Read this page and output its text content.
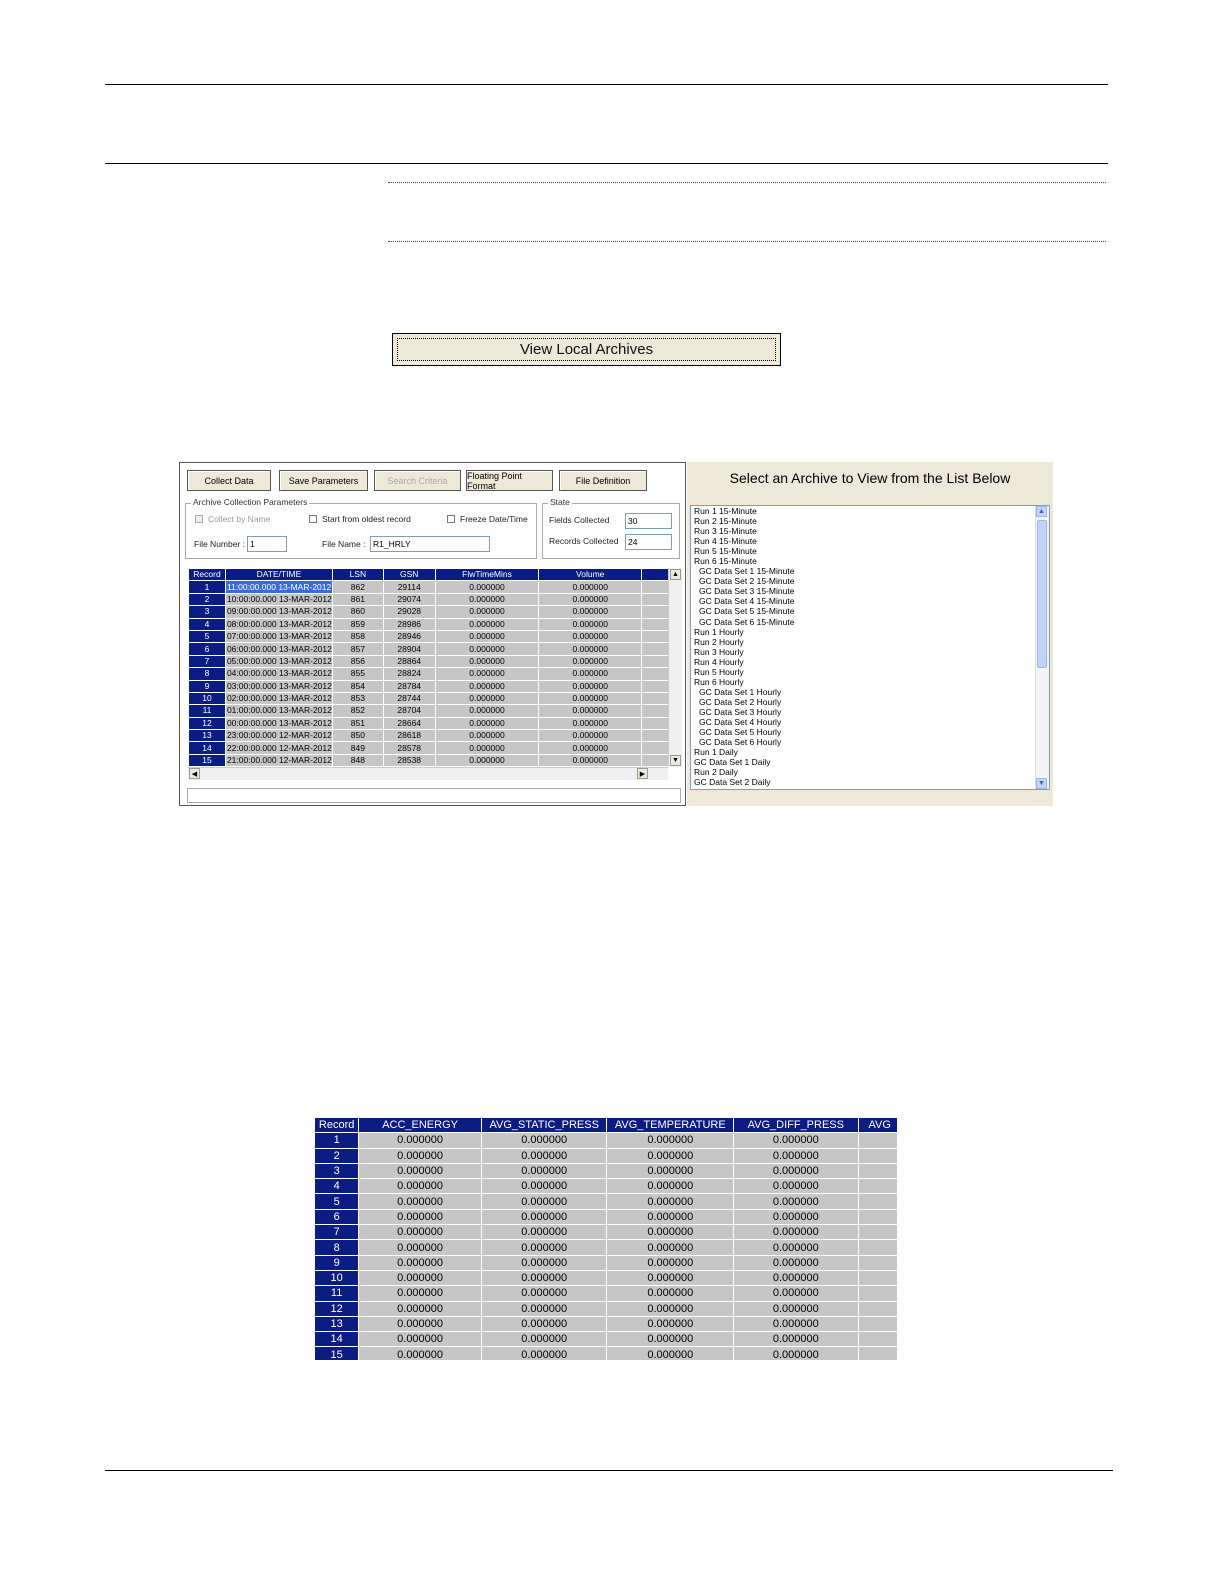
View Local Archives
Collect Data	Save Parameters	Search Criteria	Floating Point Format	File Definition
Archive Collection Parameters
Collect by Name	Start from oldest record	Freeze Date/Time
File Number : 1	File Name : R1_HRLY
State
Fields Collected	30
Records Collected	24
Record	DATE/TIME	LSN	GSN	FlwTimeMins	Volume	
1	11:00:00.000 13-MAR-2012	862	29114	0.000000	0.000000	
2	10:00:00.000 13-MAR-2012	861	29074	0.000000	0.000000	
3	09:00:00.000 13-MAR-2012	860	29028	0.000000	0.000000	
4	08:00:00.000 13-MAR-2012	859	28986	0.000000	0.000000	
5	07:00:00.000 13-MAR-2012	858	28946	0.000000	0.000000	
6	06:00:00.000 13-MAR-2012	857	28904	0.000000	0.000000	
7	05:00:00.000 13-MAR-2012	856	28864	0.000000	0.000000	
8	04:00:00.000 13-MAR-2012	855	28824	0.000000	0.000000	
9	03:00:00.000 13-MAR-2012	854	28784	0.000000	0.000000	
10	02:00:00.000 13-MAR-2012	853	28744	0.000000	0.000000	
11	01:00:00.000 13-MAR-2012	852	28704	0.000000	0.000000	
12	00:00:00.000 13-MAR-2012	851	28664	0.000000	0.000000	
13	23:00:00.000 12-MAR-2012	850	28618	0.000000	0.000000	
14	22:00:00.000 12-MAR-2012	849	28578	0.000000	0.000000	
15	21:00:00.000 12-MAR-2012	848	28538	0.000000	0.000000	
▲
▼
◀	▶
Select an Archive to View from the List Below
Run 1 15-Minute
Run 2 15-Minute
Run 3 15-Minute
Run 4 15-Minute
Run 5 15-Minute
Run 6 15-Minute
GC Data Set 1 15-Minute
GC Data Set 2 15-Minute
GC Data Set 3 15-Minute
GC Data Set 4 15-Minute
GC Data Set 5 15-Minute
GC Data Set 6 15-Minute
Run 1 Hourly
Run 2 Hourly
Run 3 Hourly
Run 4 Hourly
Run 5 Hourly
Run 6 Hourly
GC Data Set 1 Hourly
GC Data Set 2 Hourly
GC Data Set 3 Hourly
GC Data Set 4 Hourly
GC Data Set 5 Hourly
GC Data Set 6 Hourly
Run 1 Daily
GC Data Set 1 Daily
Run 2 Daily
GC Data Set 2 Daily
▲
▼
Record	ACC_ENERGY	AVG_STATIC_PRESS	AVG_TEMPERATURE	AVG_DIFF_PRESS	AVG
1	0.000000	0.000000	0.000000	0.000000	
2	0.000000	0.000000	0.000000	0.000000	
3	0.000000	0.000000	0.000000	0.000000	
4	0.000000	0.000000	0.000000	0.000000	
5	0.000000	0.000000	0.000000	0.000000	
6	0.000000	0.000000	0.000000	0.000000	
7	0.000000	0.000000	0.000000	0.000000	
8	0.000000	0.000000	0.000000	0.000000	
9	0.000000	0.000000	0.000000	0.000000	
10	0.000000	0.000000	0.000000	0.000000	
11	0.000000	0.000000	0.000000	0.000000	
12	0.000000	0.000000	0.000000	0.000000	
13	0.000000	0.000000	0.000000	0.000000	
14	0.000000	0.000000	0.000000	0.000000	
15	0.000000	0.000000	0.000000	0.000000	
